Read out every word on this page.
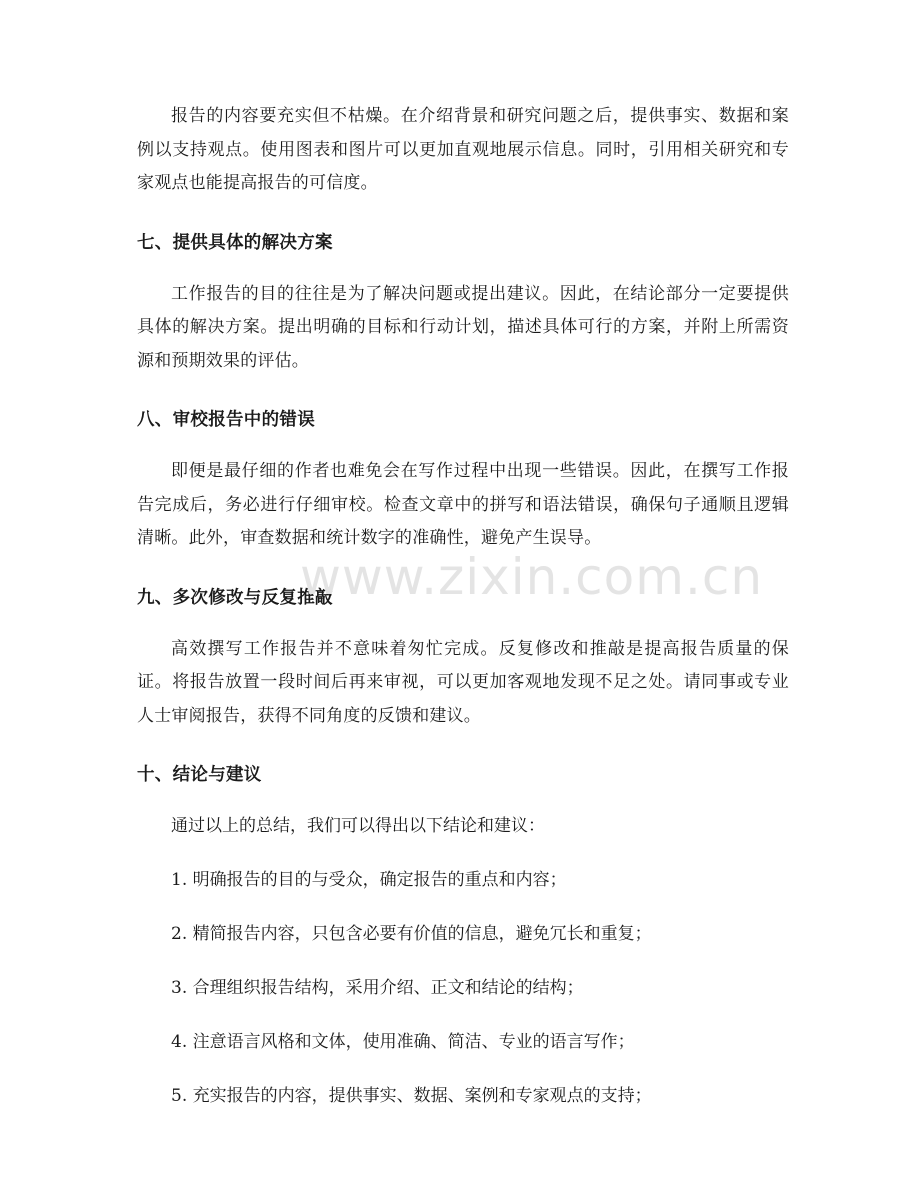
报告的内容要充实但不枯燥。在介绍背景和研究问题之后，提供事实、数据和案例以支持观点。使用图表和图片可以更加直观地展示信息。同时，引用相关研究和专家观点也能提高报告的可信度。

七、提供具体的解决方案

工作报告的目的往往是为了解决问题或提出建议。因此，在结论部分一定要提供具体的解决方案。提出明确的目标和行动计划，描述具体可行的方案，并附上所需资源和预期效果的评估。

八、审校报告中的错误

即便是最仔细的作者也难免会在写作过程中出现一些错误。因此，在撰写工作报告完成后，务必进行仔细审校。检查文章中的拼写和语法错误，确保句子通顺且逻辑清晰。此外，审查数据和统计数字的准确性，避免产生误导。

九、多次修改与反复推敲

高效撰写工作报告并不意味着匆忙完成。反复修改和推敲是提高报告质量的保证。将报告放置一段时间后再来审视，可以更加客观地发现不足之处。请同事或专业人士审阅报告，获得不同角度的反馈和建议。

十、结论与建议

通过以上的总结，我们可以得出以下结论和建议：

1. 明确报告的目的与受众，确定报告的重点和内容；
2. 精简报告内容，只包含必要有价值的信息，避免冗长和重复；
3. 合理组织报告结构，采用介绍、正文和结论的结构；
4. 注意语言风格和文体，使用准确、简洁、专业的语言写作；
5. 充实报告的内容，提供事实、数据、案例和专家观点的支持；
www.zixin.com.cn
